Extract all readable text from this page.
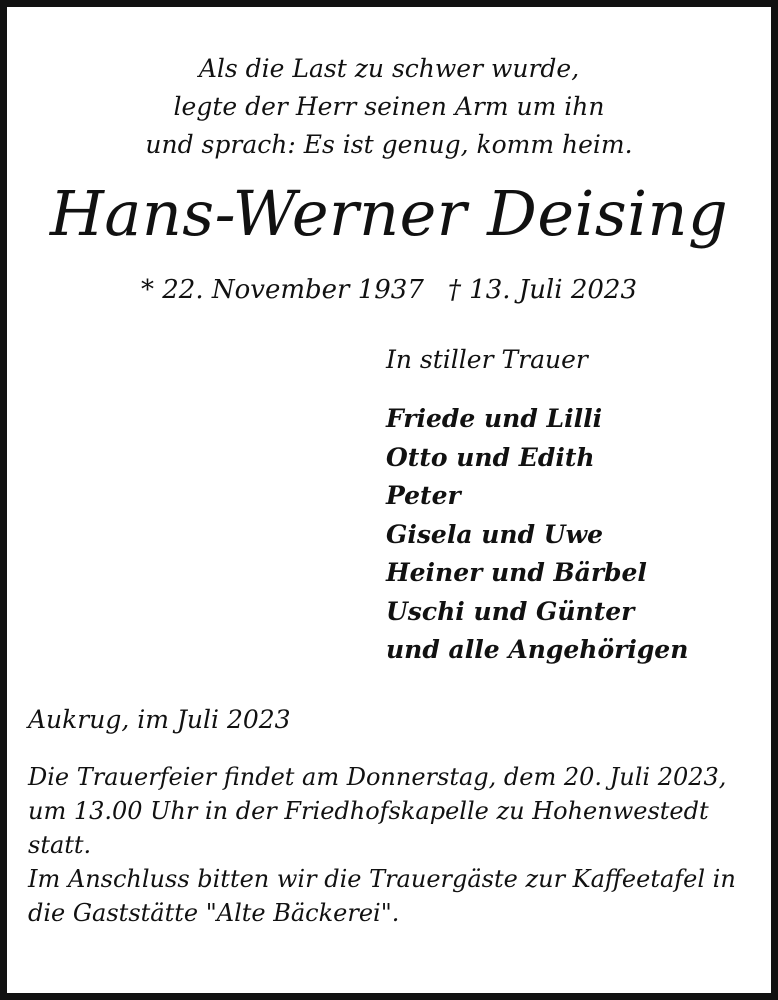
Als die Last zu schwer wurde,
legte der Herr seinen Arm um ihn
und sprach: Es ist genug, komm heim.
Hans-Werner Deising
* 22. November 1937 † 13. Juli 2023
In stiller Trauer
Friede und Lilli
Otto und Edith
Peter
Gisela und Uwe
Heiner und Bärbel
Uschi und Günter
und alle Angehörigen
Aukrug, im Juli 2023

Die Trauerfeier findet am Donnerstag, dem 20. Juli 2023, um 13.00 Uhr in der Friedhofskapelle zu Hohenwestedt statt.

Im Anschluss bitten wir die Trauergäste zur Kaffeetafel in die Gaststätte "Alte Bäckerei".
